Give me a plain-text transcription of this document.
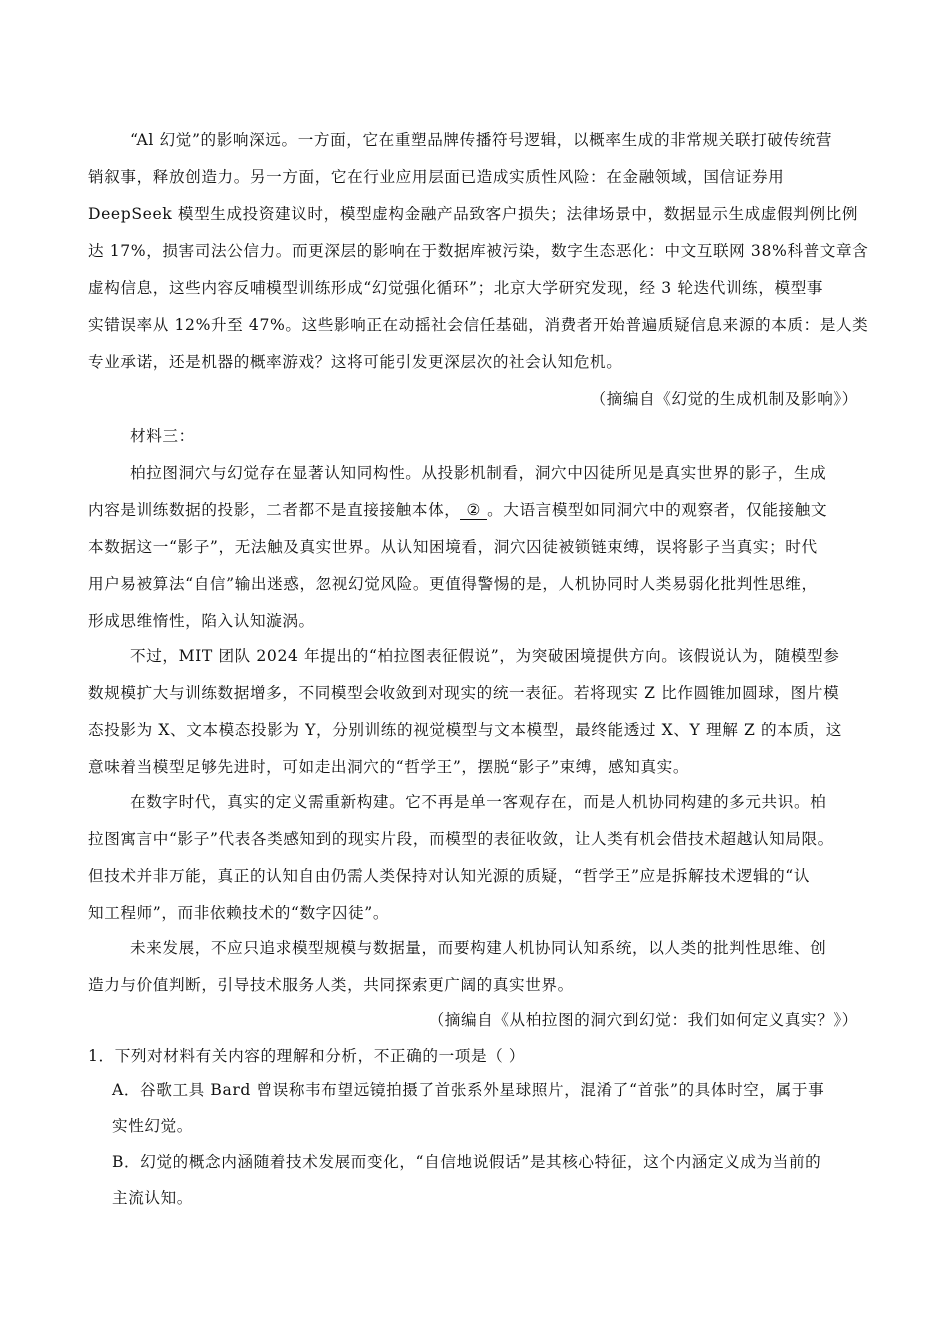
“Al 幻觉”的影响深远。一方面，它在重塑品牌传播符号逻辑，以概率生成的非常规关联打破传统营
销叙事，释放创造力。另一方面，它在行业应用层面已造成实质性风险：在金融领域，国信证券用
DeepSeek 模型生成投资建议时，模型虚构金融产品致客户损失；法律场景中，数据显示生成虚假判例比例
达 17%，损害司法公信力。而更深层的影响在于数据库被污染，数字生态恶化：中文互联网 38%科普文章含
虚构信息，这些内容反哺模型训练形成“幻觉强化循环”；北京大学研究发现，经 3 轮迭代训练，模型事
实错误率从 12%升至 47%。这些影响正在动摇社会信任基础，消费者开始普遍质疑信息来源的本质：是人类
专业承诺，还是机器的概率游戏？这将可能引发更深层次的社会认知危机。
（摘编自《幻觉的生成机制及影响》）
材料三：
柏拉图洞穴与幻觉存在显著认知同构性。从投影机制看，洞穴中囚徒所见是真实世界的影子，生成
内容是训练数据的投影，二者都不是直接接触本体， ② 。大语言模型如同洞穴中的观察者，仅能接触文
本数据这一“影子”，无法触及真实世界。从认知困境看，洞穴囚徒被锁链束缚，误将影子当真实；时代
用户易被算法“自信”输出迷惑，忽视幻觉风险。更值得警惕的是，人机协同时人类易弱化批判性思维，
形成思维惰性，陷入认知漩涡。
不过，MIT 团队 2024 年提出的“柏拉图表征假说”，为突破困境提供方向。该假说认为，随模型参
数规模扩大与训练数据增多，不同模型会收敛到对现实的统一表征。若将现实 Z 比作圆锥加圆球，图片模
态投影为 X、文本模态投影为 Y，分别训练的视觉模型与文本模型，最终能透过 X、Y 理解 Z 的本质，这
意味着当模型足够先进时，可如走出洞穴的“哲学王”，摆脱“影子”束缚，感知真实。
在数字时代，真实的定义需重新构建。它不再是单一客观存在，而是人机协同构建的多元共识。柏
拉图寓言中“影子”代表各类感知到的现实片段，而模型的表征收敛，让人类有机会借技术超越认知局限。
但技术并非万能，真正的认知自由仍需人类保持对认知光源的质疑，“哲学王”应是拆解技术逻辑的“认
知工程师”，而非依赖技术的“数字囚徒”。
未来发展，不应只追求模型规模与数据量，而要构建人机协同认知系统，以人类的批判性思维、创
造力与价值判断，引导技术服务人类，共同探索更广阔的真实世界。
（摘编自《从柏拉图的洞穴到幻觉：我们如何定义真实？》）
1．下列对材料有关内容的理解和分析，不正确的一项是（ ）
A．谷歌工具 Bard 曾误称韦布望远镜拍摄了首张系外星球照片，混淆了“首张”的具体时空，属于事
实性幻觉。
B．幻觉的概念内涵随着技术发展而变化，“自信地说假话”是其核心特征，这个内涵定义成为当前的
主流认知。
